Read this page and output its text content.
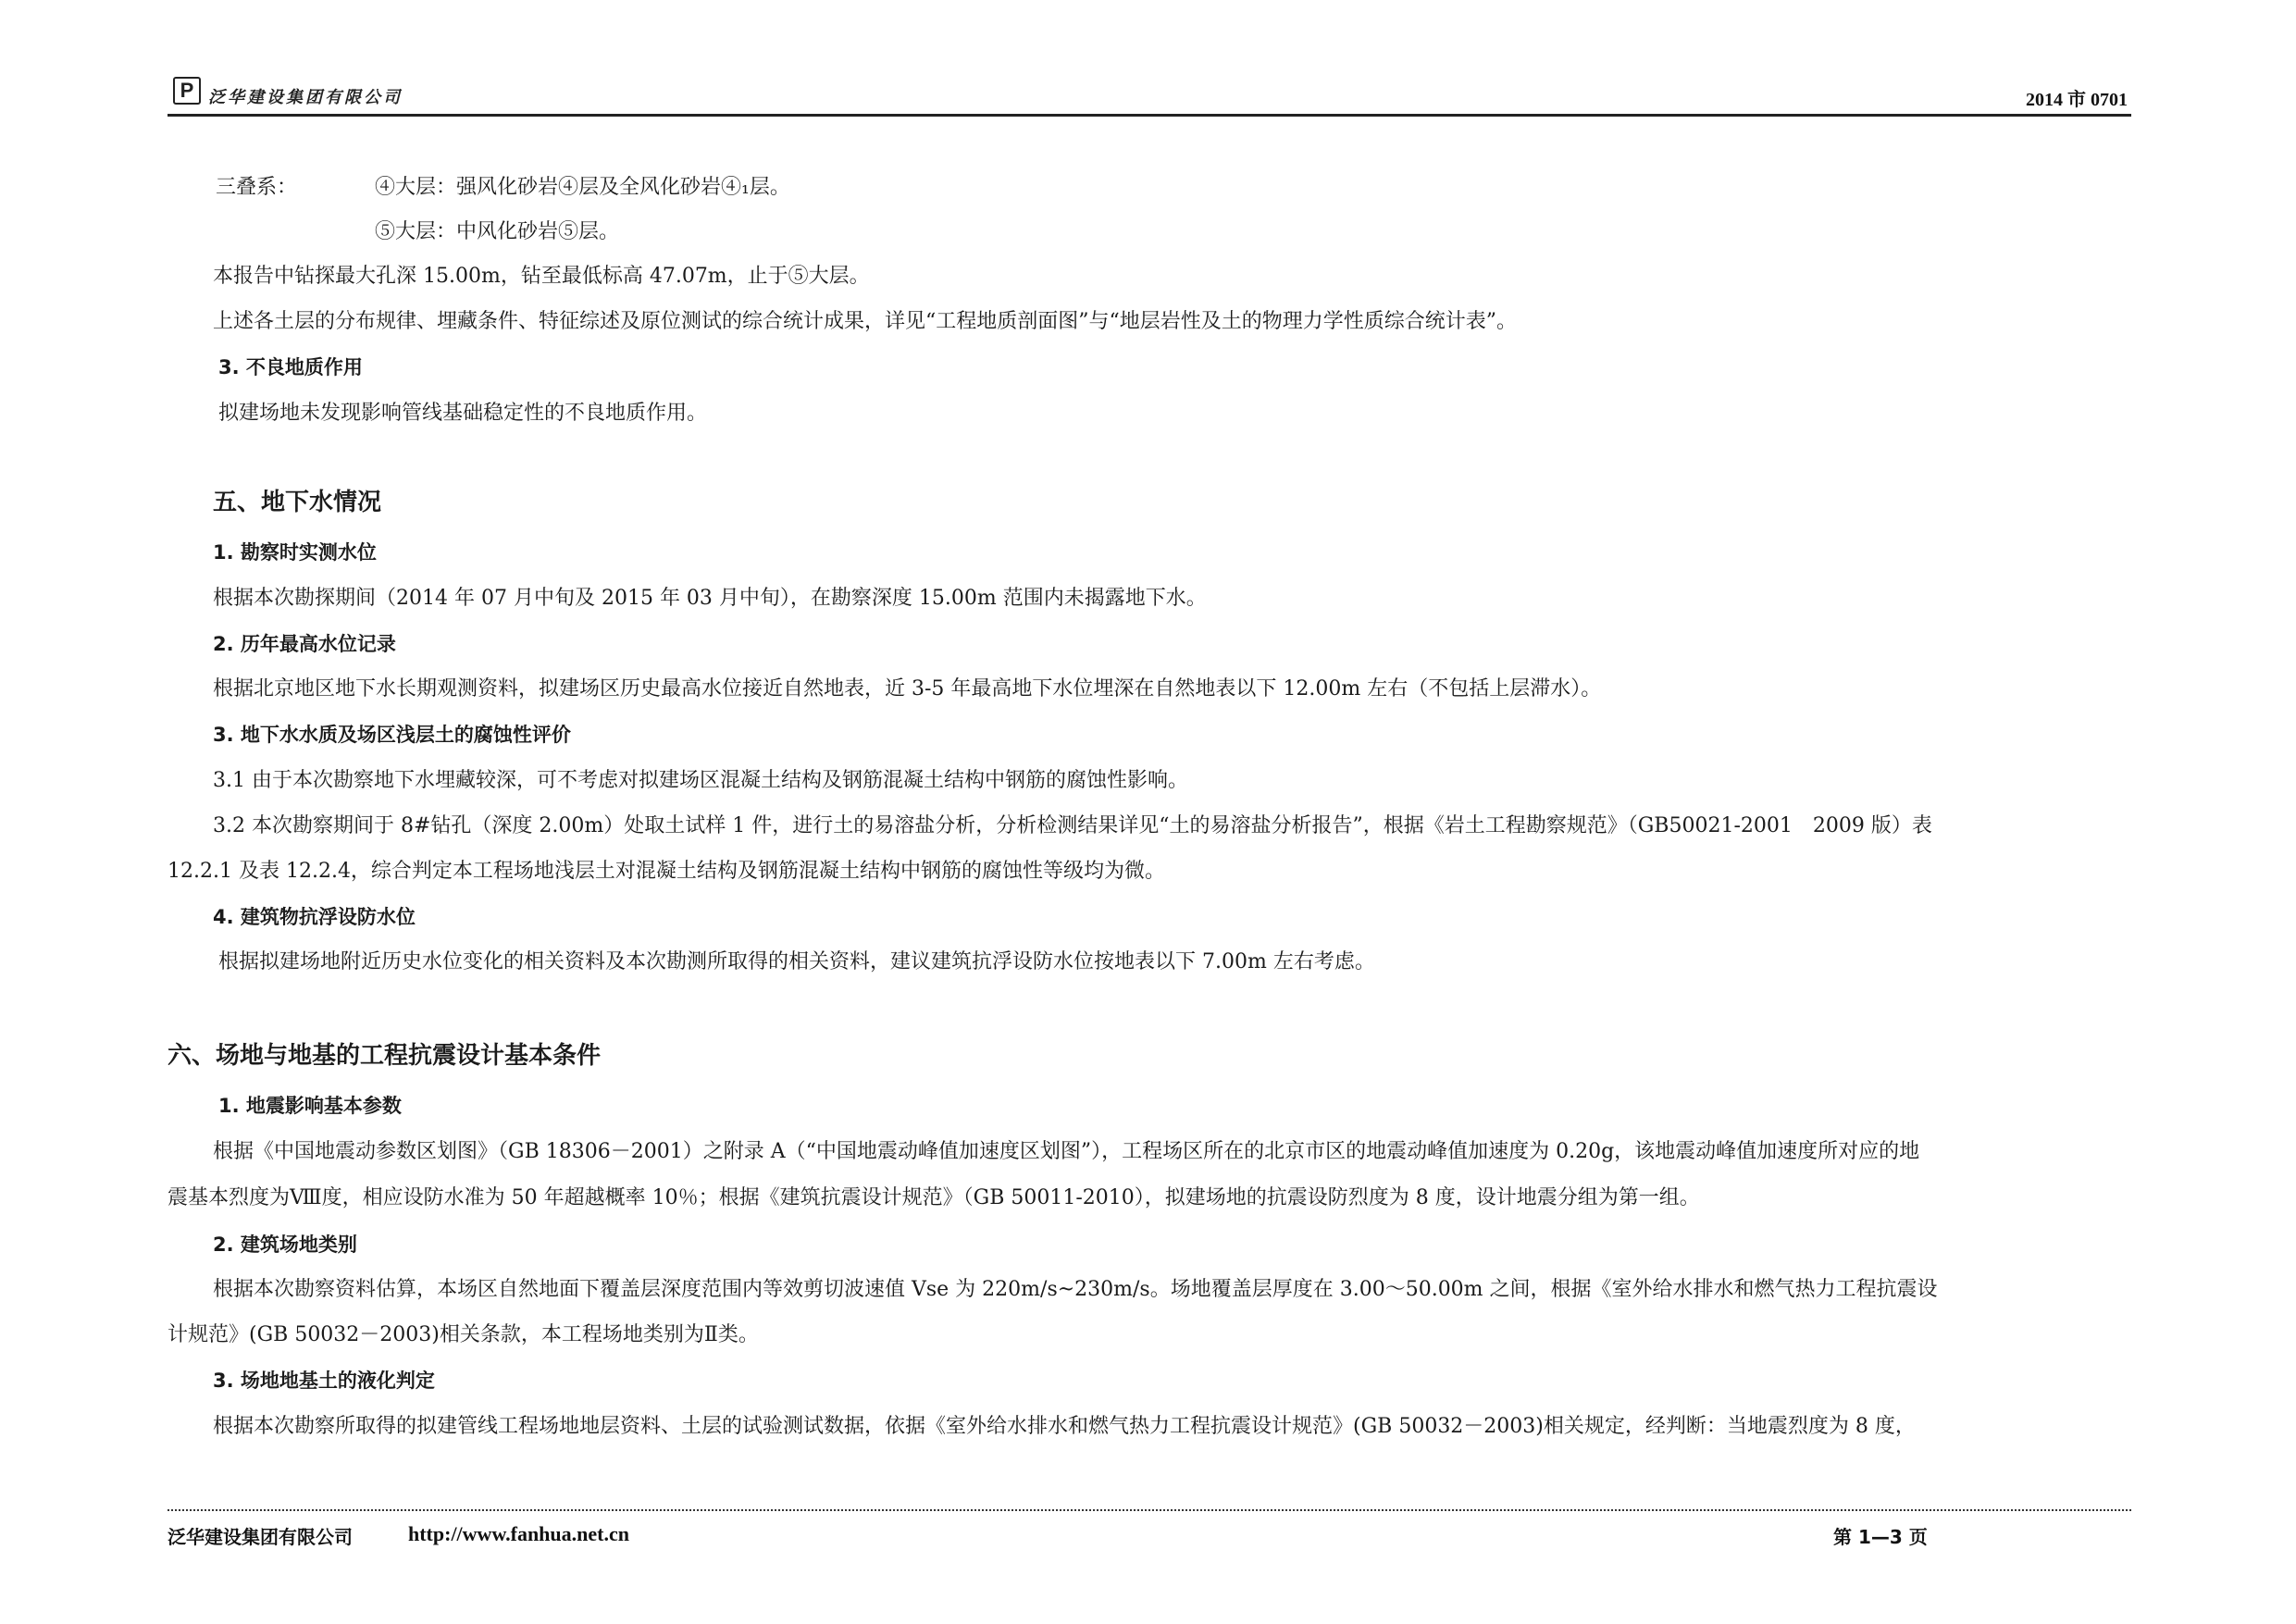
P 泛华建设集团有限公司	2014 市 0701
三叠系：	④大层：强风化砂岩④层及全风化砂岩④₁层。
⑤大层：中风化砂岩⑤层。
本报告中钻探最大孔深 15.00m，钻至最低标高 47.07m，止于⑤大层。
上述各土层的分布规律、埋藏条件、特征综述及原位测试的综合统计成果，详见“工程地质剖面图”与“地层岩性及土的物理力学性质综合统计表”。
3. 不良地质作用
拟建场地未发现影响管线基础稳定性的不良地质作用。
五、地下水情况
1. 勘察时实测水位
根据本次勘探期间（2014 年 07 月中旬及 2015 年 03 月中旬），在勘察深度 15.00m 范围内未揭露地下水。
2. 历年最高水位记录
根据北京地区地下水长期观测资料，拟建场区历史最高水位接近自然地表，近 3-5 年最高地下水位埋深在自然地表以下 12.00m 左右（不包括上层滞水）。
3. 地下水水质及场区浅层土的腐蚀性评价
3.1 由于本次勘察地下水埋藏较深，可不考虑对拟建场区混凝土结构及钢筋混凝土结构中钢筋的腐蚀性影响。
3.2 本次勘察期间于 8#钻孔（深度 2.00m）处取土试样 1 件，进行土的易溶盐分析，分析检测结果详见“土的易溶盐分析报告”，根据《岩土工程勘察规范》（GB50021-2001　2009 版）表
12.2.1 及表 12.2.4，综合判定本工程场地浅层土对混凝土结构及钢筋混凝土结构中钢筋的腐蚀性等级均为微。
4. 建筑物抗浮设防水位
根据拟建场地附近历史水位变化的相关资料及本次勘测所取得的相关资料，建议建筑抗浮设防水位按地表以下 7.00m 左右考虑。
六、场地与地基的工程抗震设计基本条件
1. 地震影响基本参数
根据《中国地震动参数区划图》（GB 18306－2001）之附录 A（“中国地震动峰值加速度区划图”），工程场区所在的北京市区的地震动峰值加速度为 0.20g，该地震动峰值加速度所对应的地
震基本烈度为Ⅷ度，相应设防水准为 50 年超越概率 10％；根据《建筑抗震设计规范》（GB 50011-2010），拟建场地的抗震设防烈度为 8 度，设计地震分组为第一组。
2. 建筑场地类别
根据本次勘察资料估算，本场区自然地面下覆盖层深度范围内等效剪切波速值 Vse 为 220m/s~230m/s。场地覆盖层厚度在 3.00～50.00m 之间，根据《室外给水排水和燃气热力工程抗震设
计规范》(GB 50032－2003)相关条款，本工程场地类别为Ⅱ类。
3. 场地地基土的液化判定
根据本次勘察所取得的拟建管线工程场地地层资料、土层的试验测试数据，依据《室外给水排水和燃气热力工程抗震设计规范》(GB 50032－2003)相关规定，经判断：当地震烈度为 8 度，
泛华建设集团有限公司	http://www.fanhua.net.cn	第 1—3 页
